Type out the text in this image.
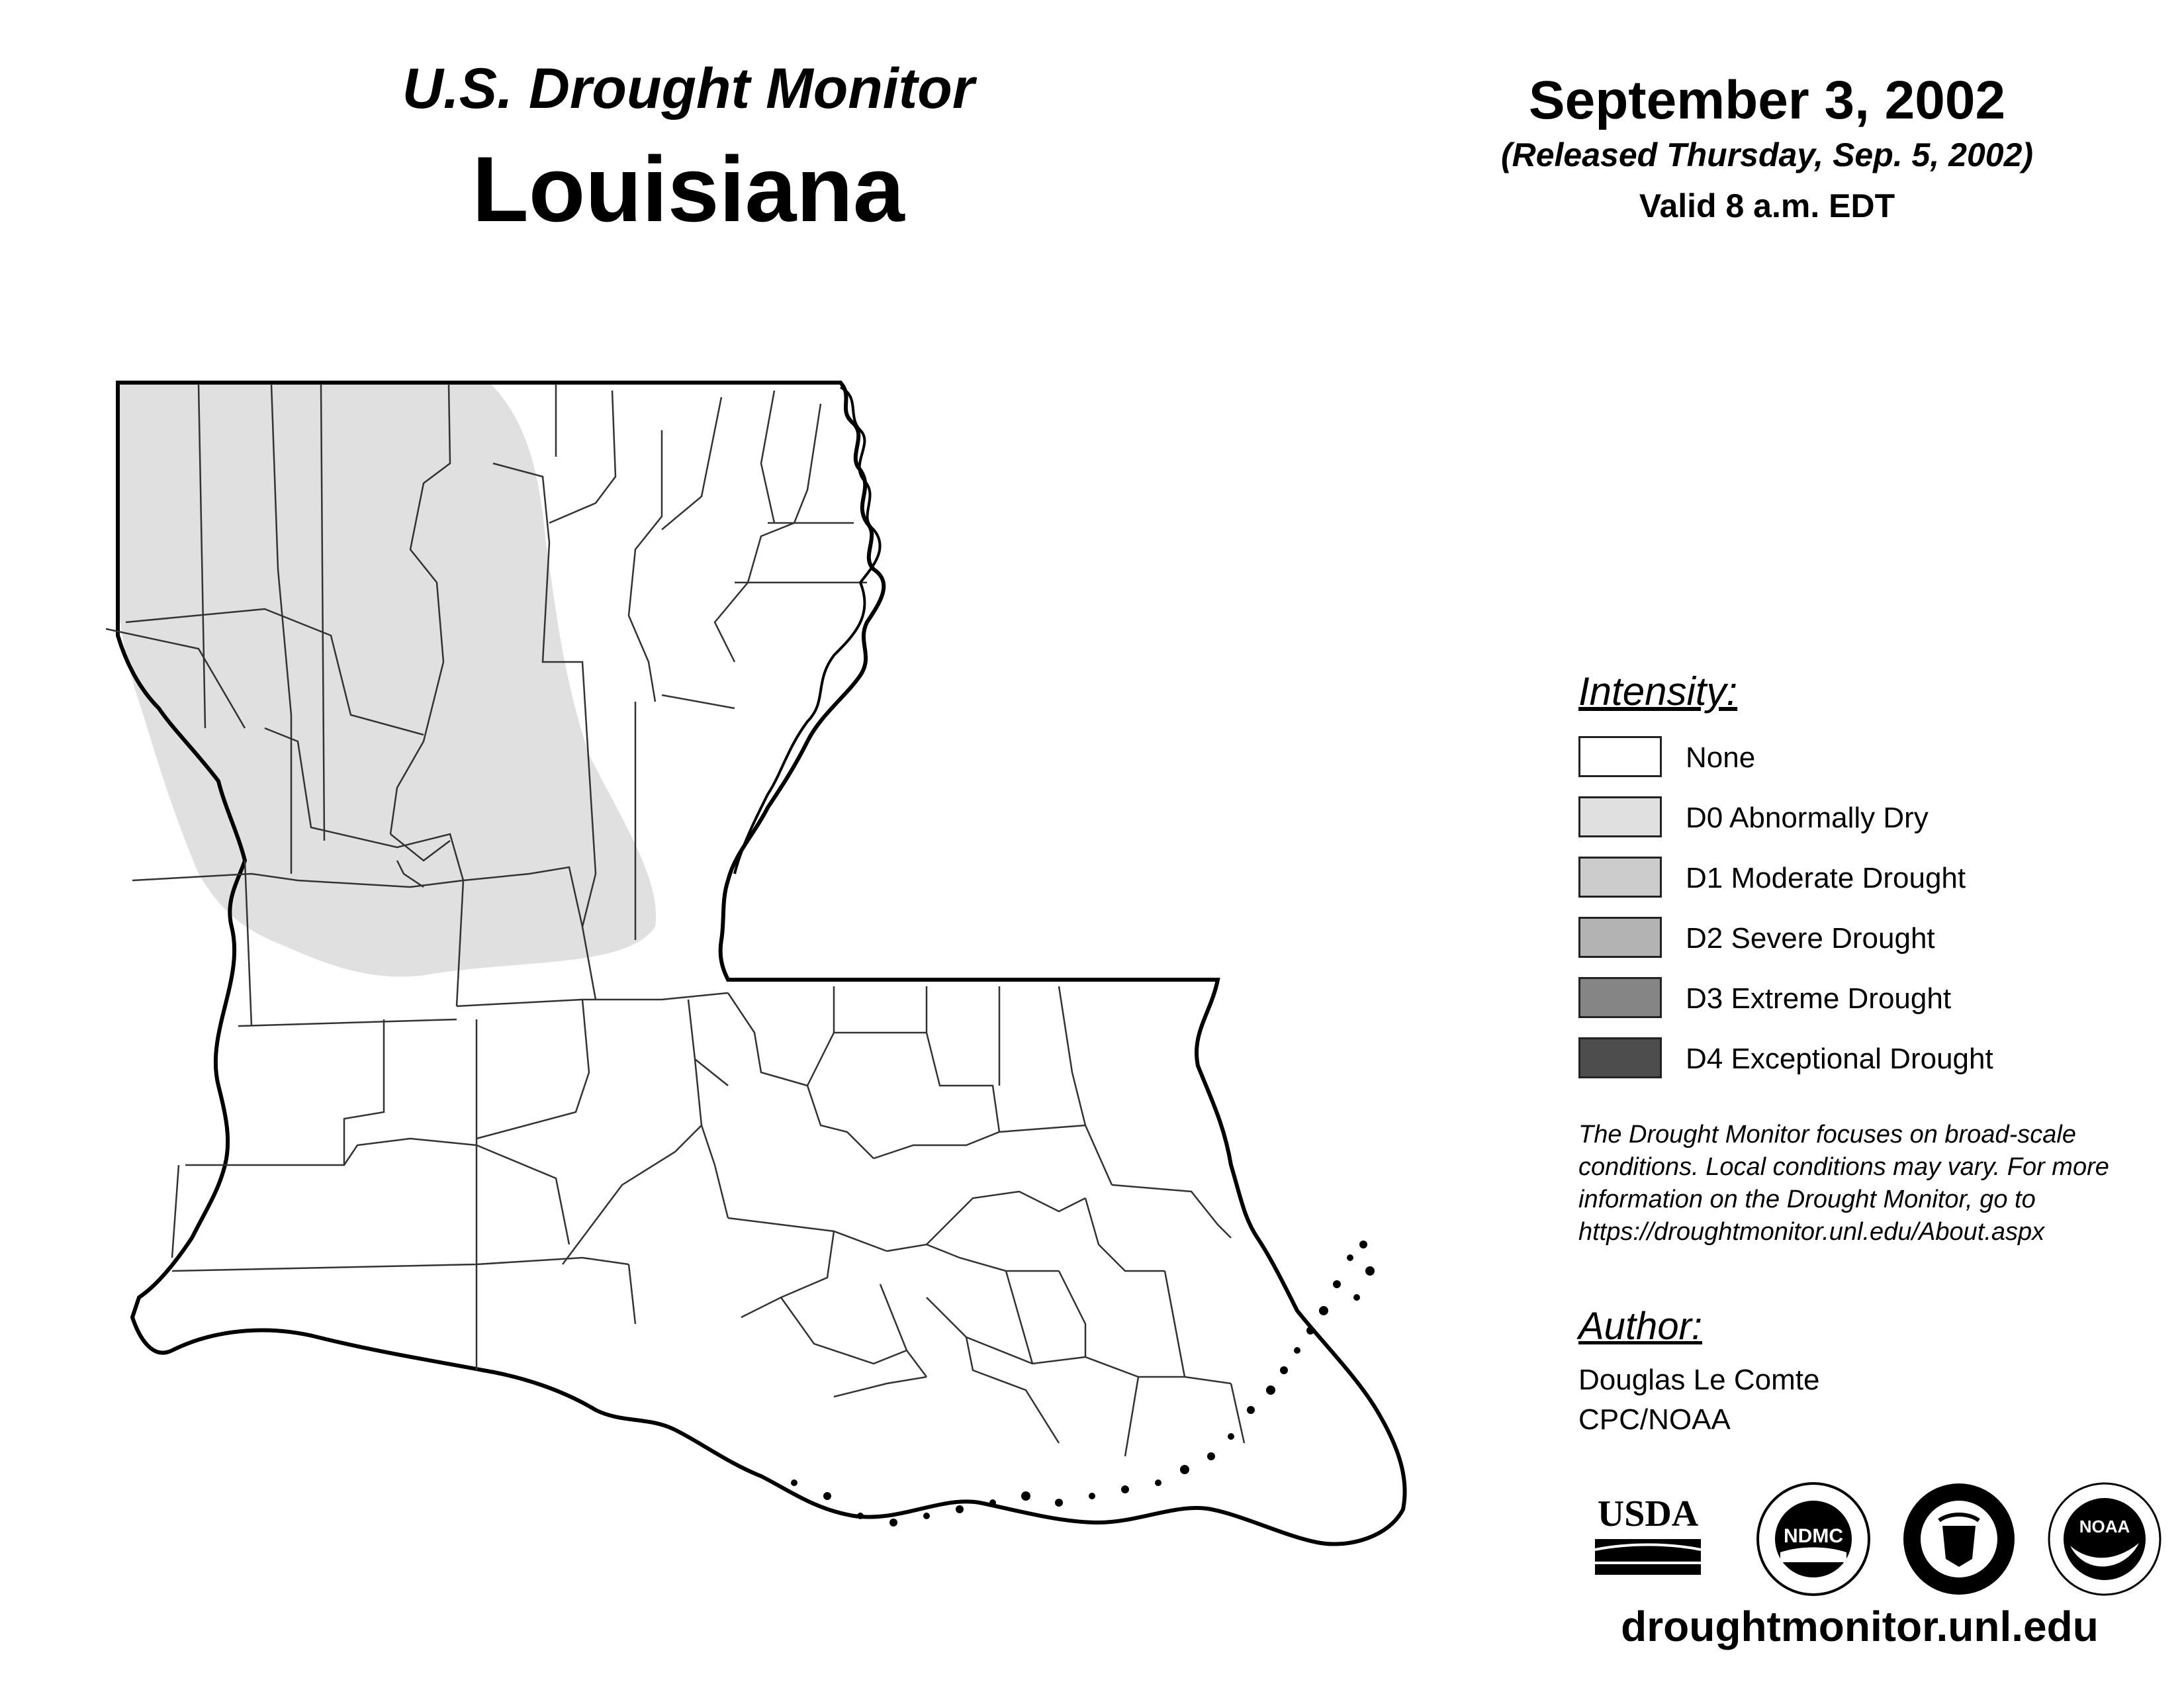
U.S. Drought Monitor
Louisiana
September 3, 2002
(Released Thursday, Sep. 5, 2002)
Valid 8 a.m. EDT
Intensity:
None
D0 Abnormally Dry
D1 Moderate Drought
D2 Severe Drought
D3 Extreme Drought
D4 Exceptional Drought
The Drought Monitor focuses on broad-scale conditions. Local conditions may vary. For more information on the Drought Monitor, go to https://droughtmonitor.unl.edu/About.aspx
Author:
Douglas Le Comte
CPC/NOAA
USDA
NDMC	NOAA
droughtmonitor.unl.edu
